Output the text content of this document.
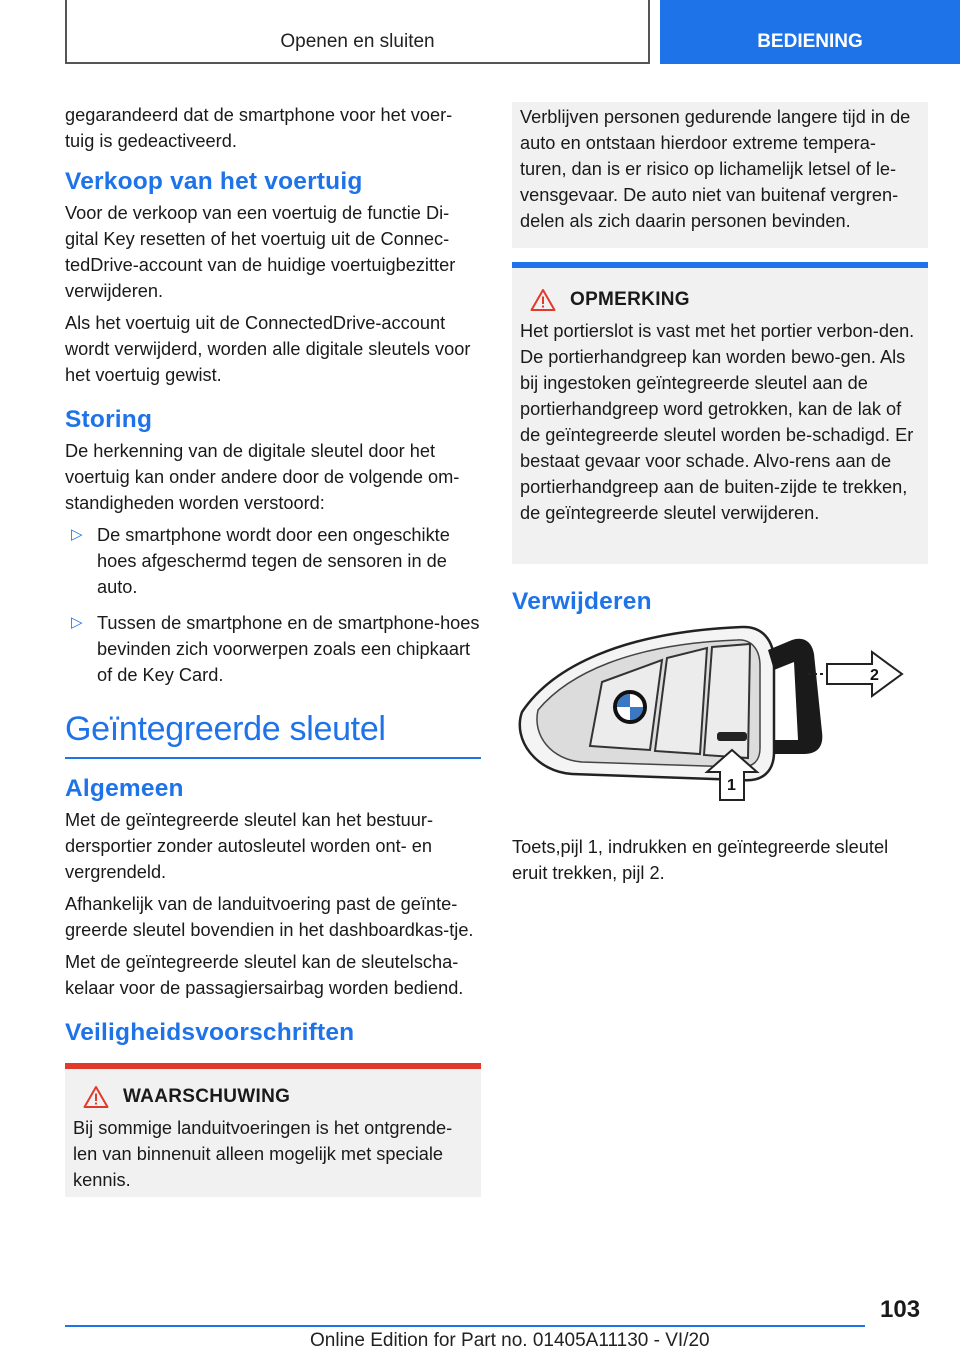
Openen en sluiten	BEDIENING

gegarandeerd dat de smartphone voor het voer-tuig is gedeactiveerd.

Verkoop van het voertuig

Voor de verkoop van een voertuig de functie Di-gital Key resetten of het voertuig uit de Connec-tedDrive-account van de huidige voertuigbezitter verwijderen.

Als het voertuig uit de ConnectedDrive-account wordt verwijderd, worden alle digitale sleutels voor het voertuig gewist.

Storing

De herkenning van de digitale sleutel door het voertuig kan onder andere door de volgende om-standigheden worden verstoord:

▷ De smartphone wordt door een ongeschikte hoes afgeschermd tegen de sensoren in de auto.
▷ Tussen de smartphone en de smartphone-hoes bevinden zich voorwerpen zoals een chipkaart of de Key Card.
Geïntegreerde sleutel
Algemeen

Met de geïntegreerde sleutel kan het bestuur-dersportier zonder autosleutel worden ont- en vergrendeld.

Afhankelijk van de landuitvoering past de geïnte-greerde sleutel bovendien in het dashboardkas-tje.

Met de geïntegreerde sleutel kan de sleutelscha-kelaar voor de passagiersairbag worden bediend.

Veiligheidsvoorschriften
WAARSCHUWING

Bij sommige landuitvoeringen is het ontgrende-len van binnenuit alleen mogelijk met speciale kennis.

Verblijven personen gedurende langere tijd in de auto en ontstaan hierdoor extreme tempera-turen, dan is er risico op lichamelijk letsel of le-vensgevaar. De auto niet van buitenaf vergren-delen als zich daarin personen bevinden.

OPMERKING

Het portierslot is vast met het portier verbon-den. De portierhandgreep kan worden bewo-gen. Als bij ingestoken geïntegreerde sleutel aan de portierhandgreep word getrokken, kan de lak of de geïntegreerde sleutel worden be-schadigd. Er bestaat gevaar voor schade. Alvo-rens aan de portierhandgreep aan de buiten-zijde te trekken, de geïntegreerde sleutel verwijderen.

Verwijderen
2
1

Toets,pijl 1, indrukken en geïntegreerde sleutel eruit trekken, pijl 2.

103
Online Edition for Part no. 01405A11130 - VI/20
